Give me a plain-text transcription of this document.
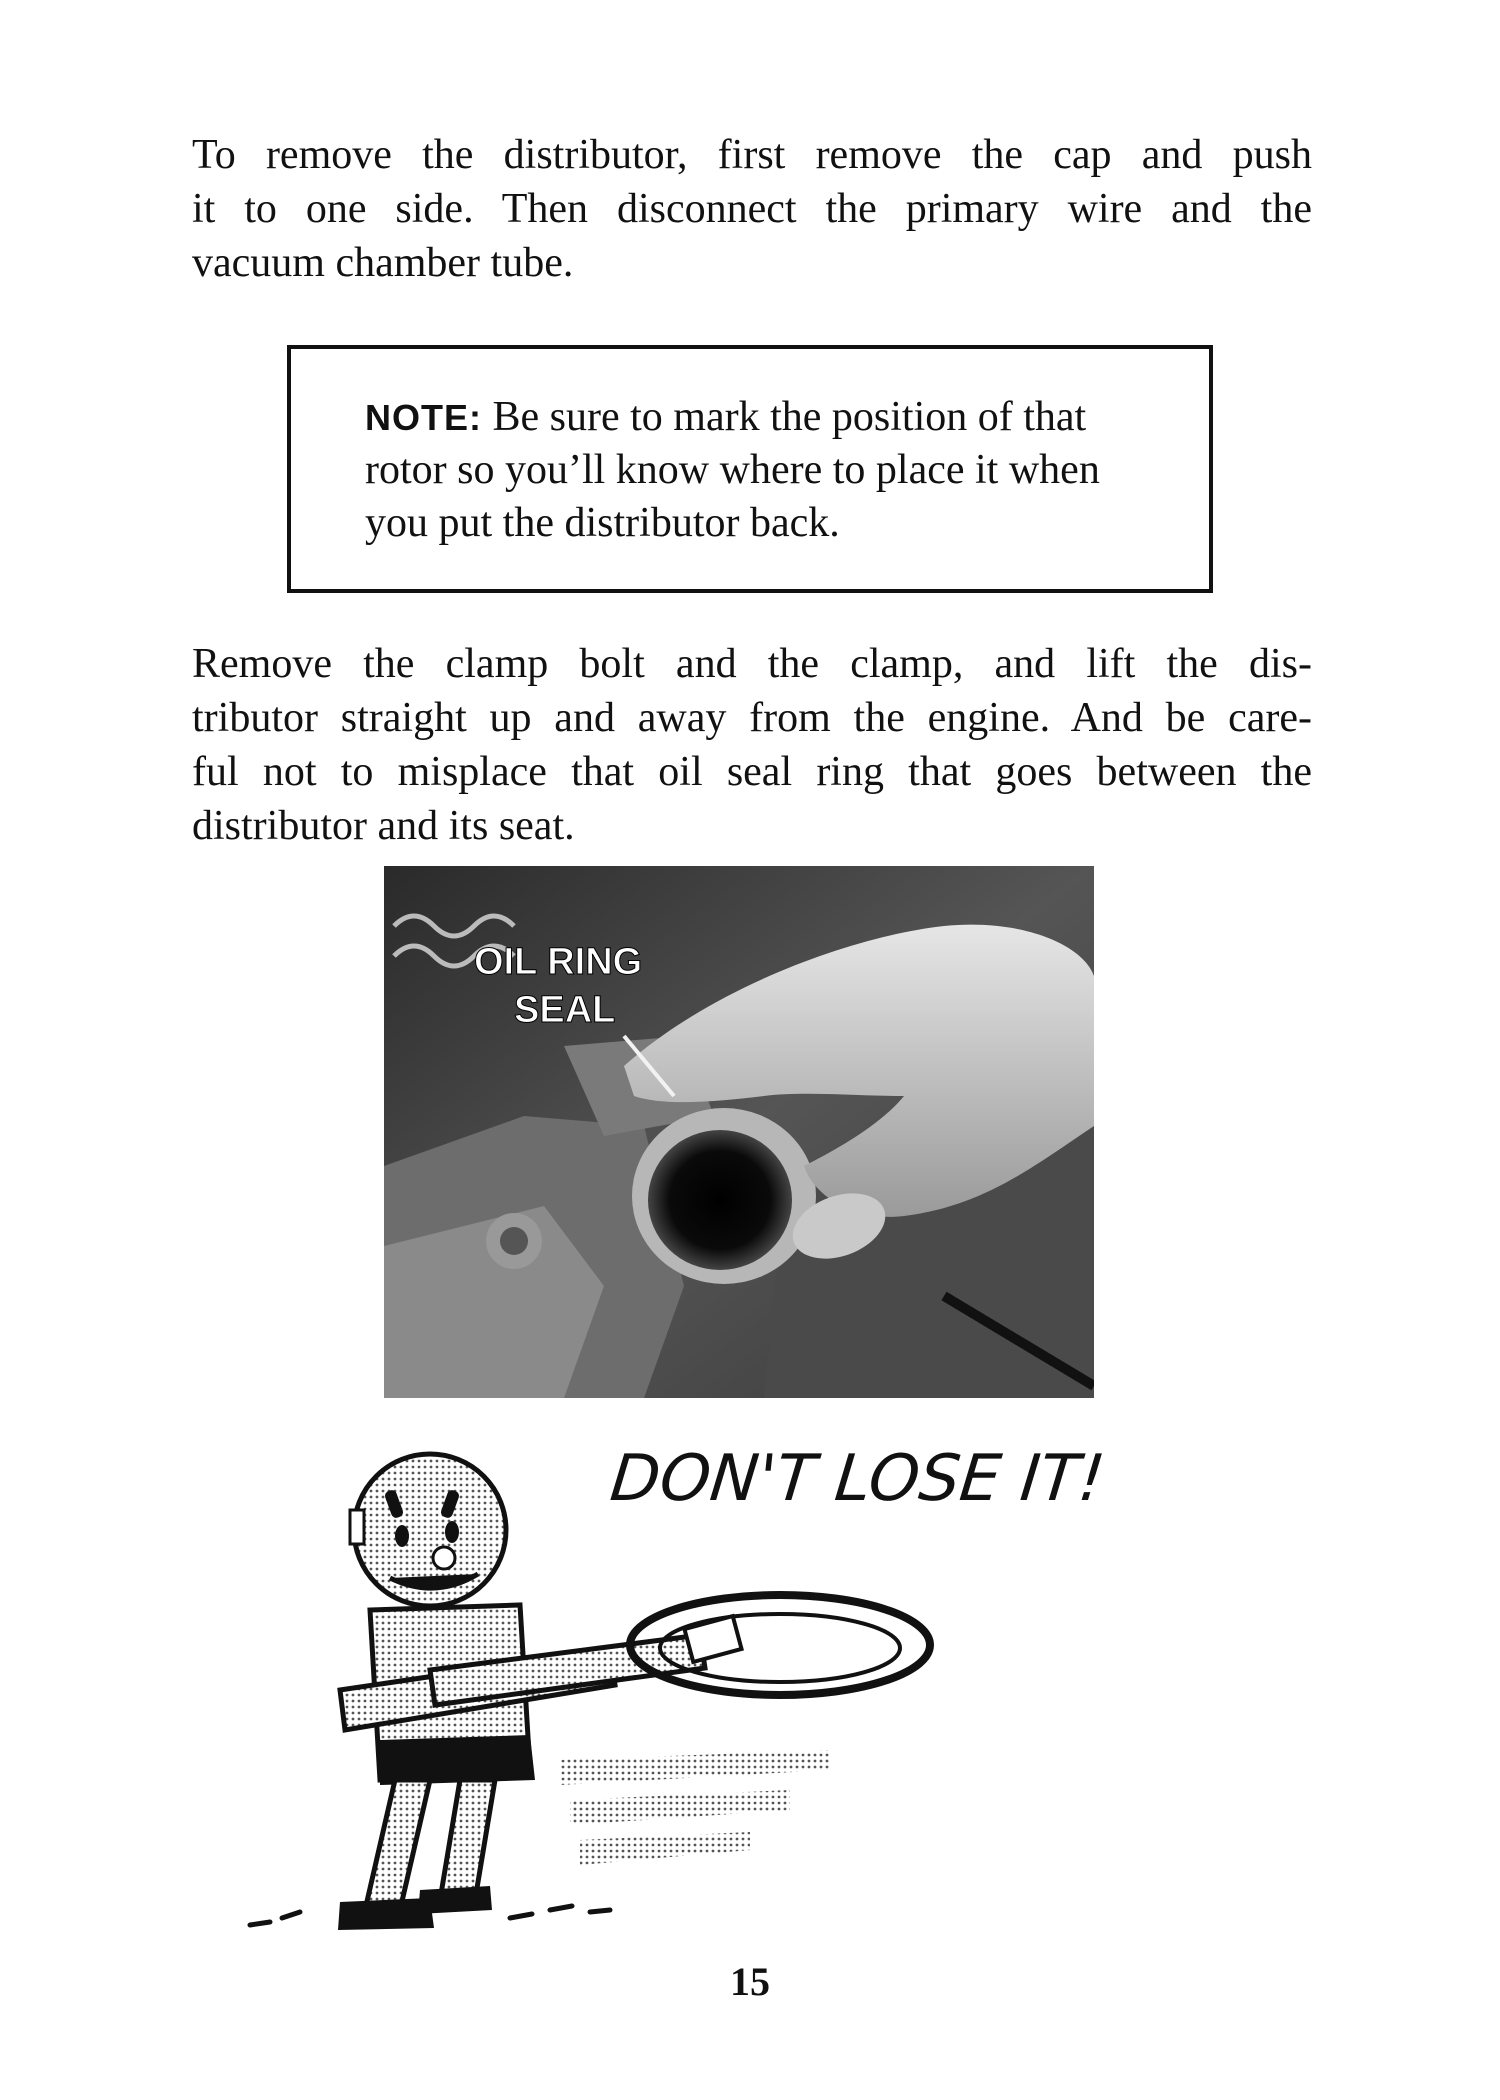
To remove the distributor, first remove the cap and push
it to one side. Then disconnect the primary wire and the
vacuum chamber tube.

NOTE: Be sure to mark the position of that
rotor so you’ll know where to place it when
you put the distributor back.

Remove the clamp bolt and the clamp, and lift the dis-
tributor straight up and away from the engine. And be care-
ful not to misplace that oil seal ring that goes between the
distributor and its seat.

OIL RING
SEAL
DON'T LOSE IT!
15
